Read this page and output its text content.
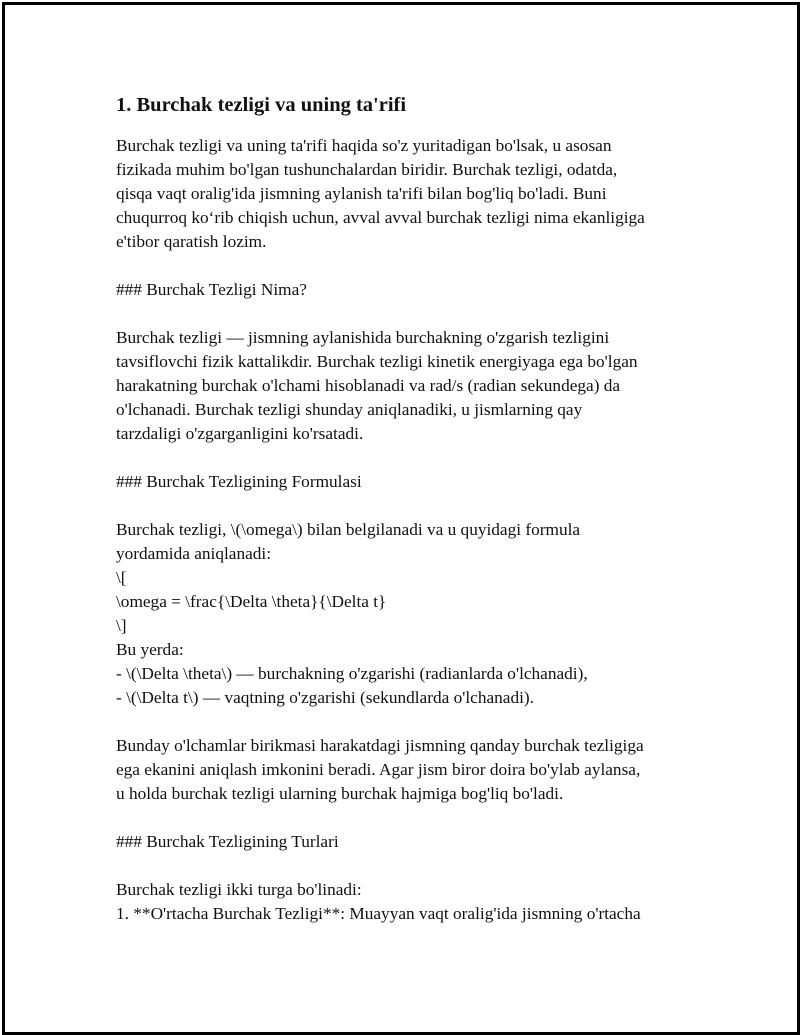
1. Burchak tezligi va uning ta'rifi
Burchak tezligi va uning ta'rifi haqida so'z yuritadigan bo'lsak, u asosan
fizikada muhim bo'lgan tushunchalardan biridir. Burchak tezligi, odatda,
qisqa vaqt oralig'ida jismning aylanish ta'rifi bilan bog'liq bo'ladi. Buni
chuqurroq ko‘rib chiqish uchun, avval avval burchak tezligi nima ekanligiga
e'tibor qaratish lozim.
### Burchak Tezligi Nima?
Burchak tezligi — jismning aylanishida burchakning o'zgarish tezligini
tavsiflovchi fizik kattalikdir. Burchak tezligi kinetik energiyaga ega bo'lgan
harakatning burchak o'lchami hisoblanadi va rad/s (radian sekundega) da
o'lchanadi. Burchak tezligi shunday aniqlanadiki, u jismlarning qay
tarzdaligi o'zgarganligini ko'rsatadi.
### Burchak Tezligining Formulasi
Burchak tezligi, \(\omega\) bilan belgilanadi va u quyidagi formula
yordamida aniqlanadi:
\[
\omega = \frac{\Delta \theta}{\Delta t}
\]
Bu yerda:
- \(\Delta \theta\) — burchakning o'zgarishi (radianlarda o'lchanadi),
- \(\Delta t\) — vaqtning o'zgarishi (sekundlarda o'lchanadi).
Bunday o'lchamlar birikmasi harakatdagi jismning qanday burchak tezligiga
ega ekanini aniqlash imkonini beradi. Agar jism biror doira bo'ylab aylansa,
u holda burchak tezligi ularning burchak hajmiga bog'liq bo'ladi.
### Burchak Tezligining Turlari
Burchak tezligi ikki turga bo'linadi:
1. **O'rtacha Burchak Tezligi**: Muayyan vaqt oralig'ida jismning o'rtacha
